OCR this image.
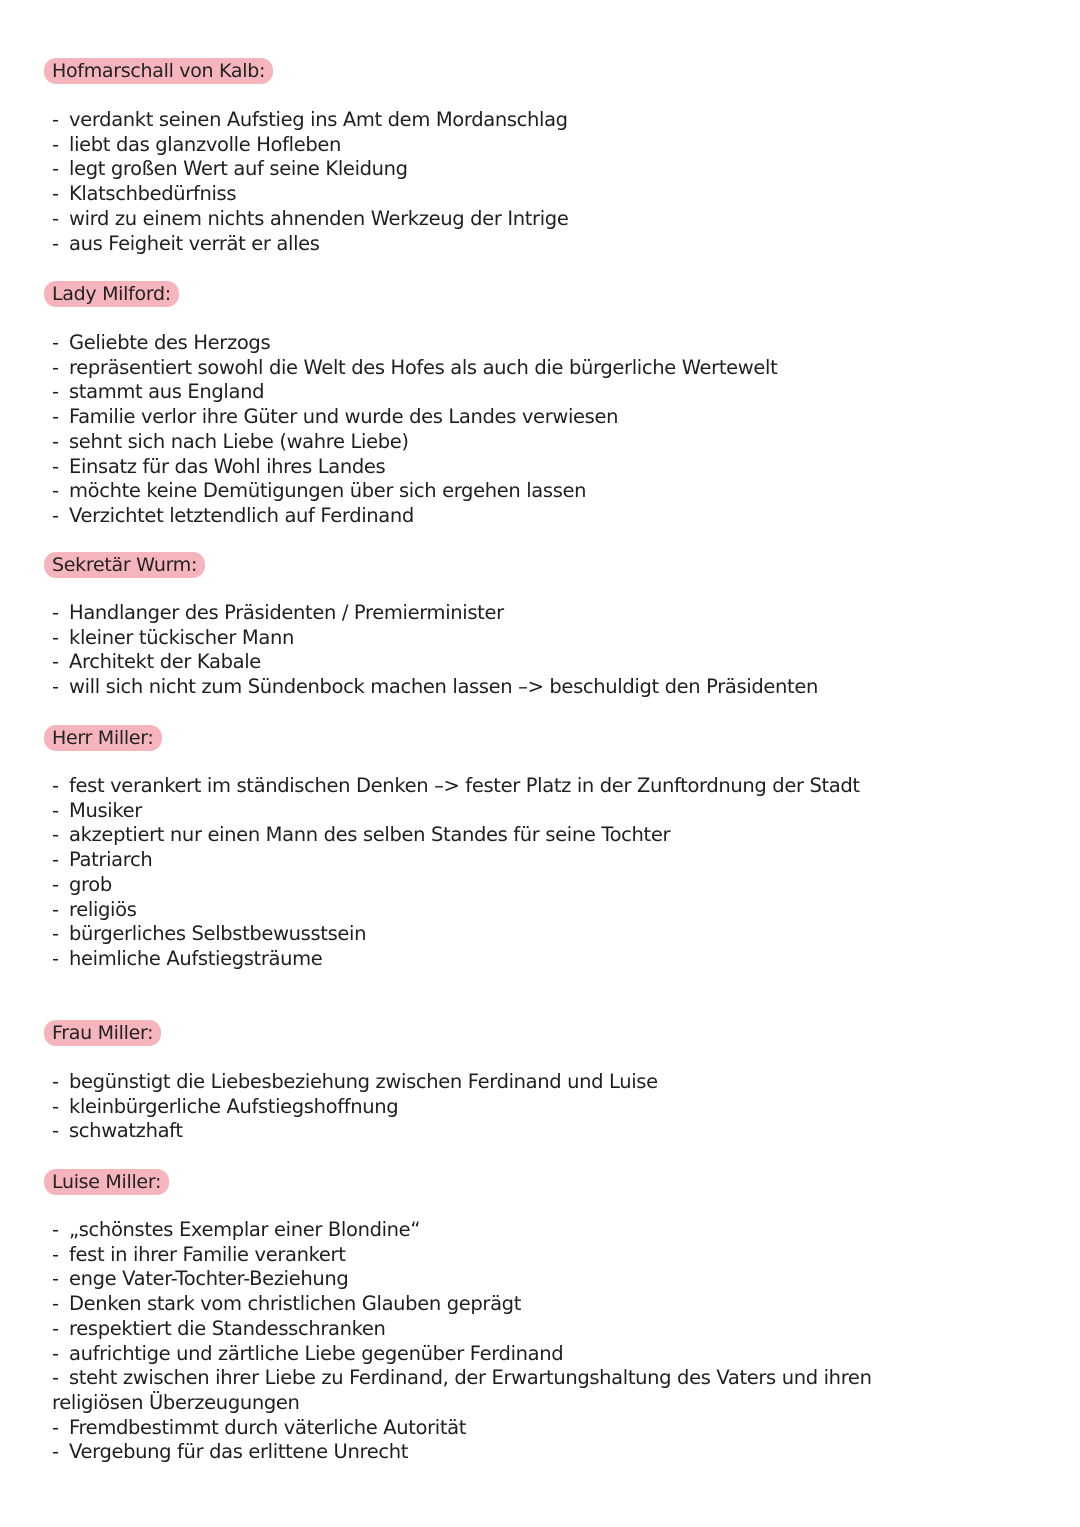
Hofmarschall von Kalb:
- verdankt seinen Aufstieg ins Amt dem Mordanschlag
- liebt das glanzvolle Hofleben
- legt großen Wert auf seine Kleidung
- Klatschbedürfniss
- wird zu einem nichts ahnenden Werkzeug der Intrige
- aus Feigheit verrät er alles
Lady Milford:
- Geliebte des Herzogs
- repräsentiert sowohl die Welt des Hofes als auch die bürgerliche Wertewelt
- stammt aus England
- Familie verlor ihre Güter und wurde des Landes verwiesen
- sehnt sich nach Liebe (wahre Liebe)
- Einsatz für das Wohl ihres Landes
- möchte keine Demütigungen über sich ergehen lassen
- Verzichtet letztendlich auf Ferdinand
Sekretär Wurm:
- Handlanger des Präsidenten / Premierminister
- kleiner tückischer Mann
- Architekt der Kabale
- will sich nicht zum Sündenbock machen lassen –> beschuldigt den Präsidenten
Herr Miller:
- fest verankert im ständischen Denken –> fester Platz in der Zunftordnung der Stadt
- Musiker
- akzeptiert nur einen Mann des selben Standes für seine Tochter
- Patriarch
- grob
- religiös
- bürgerliches Selbstbewusstsein
- heimliche Aufstiegsträume
Frau Miller:
- begünstigt die Liebesbeziehung zwischen Ferdinand und Luise
- kleinbürgerliche Aufstiegshoffnung
- schwatzhaft
Luise Miller:
- „schönstes Exemplar einer Blondine“
- fest in ihrer Familie verankert
- enge Vater-Tochter-Beziehung
- Denken stark vom christlichen Glauben geprägt
- respektiert die Standesschranken
- aufrichtige und zärtliche Liebe gegenüber Ferdinand
- steht zwischen ihrer Liebe zu Ferdinand, der Erwartungshaltung des Vaters und ihren religiösen Überzeugungen
- Fremdbestimmt durch väterliche Autorität
- Vergebung für das erlittene Unrecht
